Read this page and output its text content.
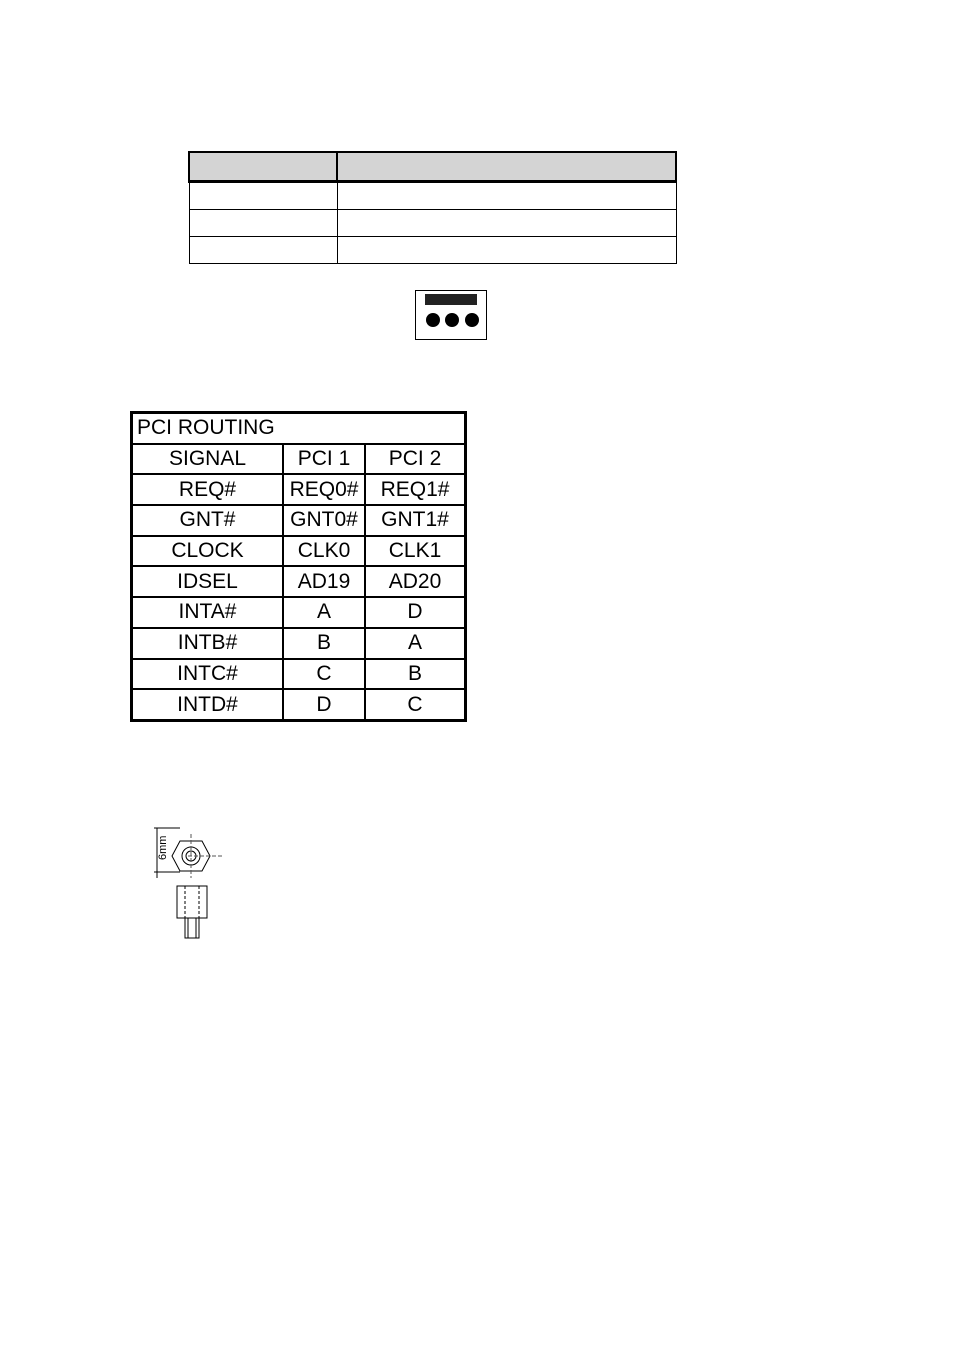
PCI ROUTING		
SIGNAL	PCI 1	PCI 2
REQ#	REQ0#	REQ1#
GNT#	GNT0#	GNT1#
CLOCK	CLK0	CLK1
IDSEL	AD19	AD20
INTA#	A	D
INTB#	B	A
INTC#	C	B
INTD#	D	C
6mm
